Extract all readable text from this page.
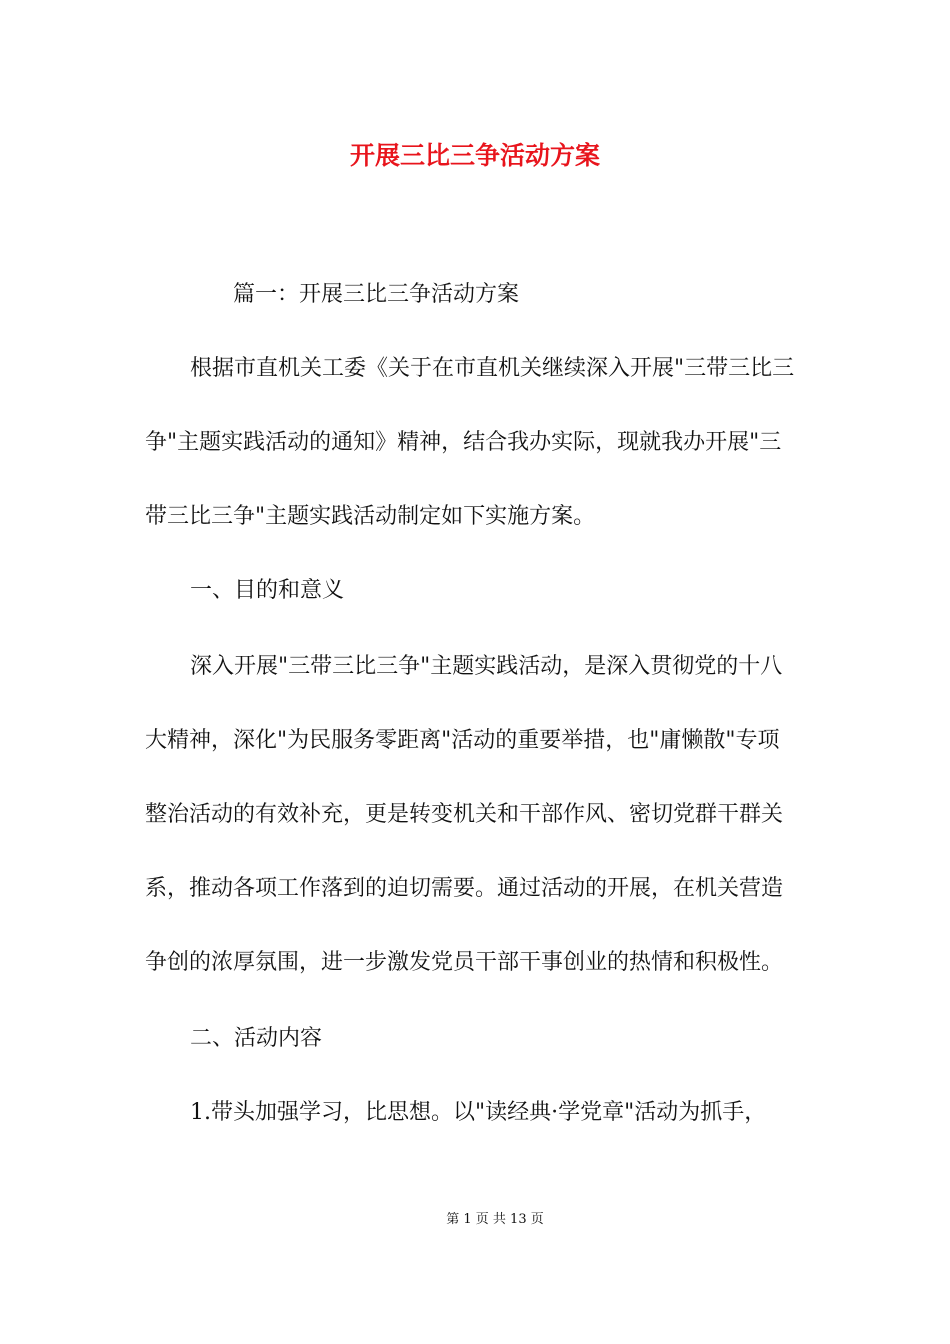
开展三比三争活动方案
篇一：开展三比三争活动方案
根据市直机关工委《关于在市直机关继续深入开展"三带三比三
争"主题实践活动的通知》精神，结合我办实际，现就我办开展"三
带三比三争"主题实践活动制定如下实施方案。
一、目的和意义
深入开展"三带三比三争"主题实践活动，是深入贯彻党的十八
大精神，深化"为民服务零距离"活动的重要举措，也"庸懒散"专项
整治活动的有效补充，更是转变机关和干部作风、密切党群干群关
系，推动各项工作落到的迫切需要。通过活动的开展，在机关营造
争创的浓厚氛围，进一步激发党员干部干事创业的热情和积极性。
二、活动内容
1.带头加强学习，比思想。以"读经典·学党章"活动为抓手，
第 1 页 共 13 页
